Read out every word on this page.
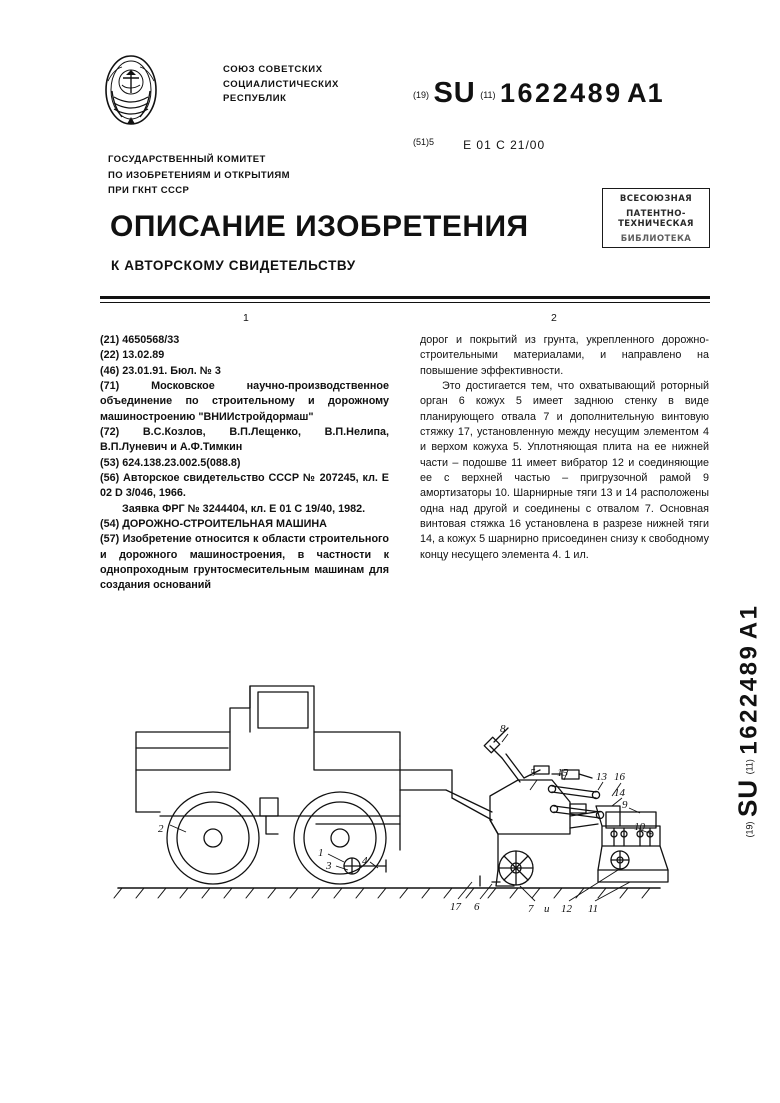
СОЮЗ СОВЕТСКИХ
СОЦИАЛИСТИЧЕСКИХ
РЕСПУБЛИК	$^{(19)}$ SU $^{(11)}$ 1622489 A1
$^{(51)5}$ E 01 C 21/00
ГОСУДАРСТВЕННЫЙ КОМИТЕТ
ПО ИЗОБРЕТЕНИЯМ И ОТКРЫТИЯМ
ПРИ ГКНТ СССР
ОПИСАНИЕ ИЗОБРЕТЕНИЯ
К АВТОРСКОМУ СВИДЕТЕЛЬСТВУ
ВСЕСОЮЗНАЯ
ПАТЕНТНО-ТЕХНИЧЕСКАЯ
БИБЛИОТЕКА
1	2

(21) 4650568/33

(22) 13.02.89

(46) 23.01.91. Бюл. № 3

(71) Московское научно-производственное объединение по строительному и дорожному машиностроению "ВНИИстройдормаш"

(72) В.С.Козлов, В.П.Лещенко, В.П.Нелипа, В.П.Луневич и А.Ф.Тимкин

(53) 624.138.23.002.5(088.8)

(56) Авторское свидетельство СССР № 207245, кл. Е 02 D 3/046, 1966.

Заявка ФРГ № 3244404, кл. Е 01 С 19/40, 1982.

(54) ДОРОЖНО-СТРОИТЕЛЬНАЯ МАШИНА

(57) Изобретение относится к области строительного и дорожного машиностроения, в частности к однопроходным грунтосмесительным машинам для создания оснований

дорог и покрытий из грунта, укрепленного дорожно-строительными материалами, и направлено на повышение эффективности.

Это достигается тем, что охватывающий роторный орган 6 кожух 5 имеет заднюю стенку в виде планирующего отвала 7 и дополнительную винтовую стяжку 17, установленную между несущим элементом 4 и верхом кожуха 5. Уплотняющая плита на ее нижней части – подошве 11 имеет вибратор 12 и соединяющие ее с верхней частью – пригрузочной рамой 9 амортизаторы 10. Шарнирные тяги 13 и 14 расположены одна над другой и соединены с отвалом 7. Основная винтовая стяжка 16 установлена в разрезе нижней тяги 14, а кожух 5 шарнирно присоединен снизу к свободному концу несущего элемента 4. 1 ил.

$^{(19)}$ SU $^{(11)}$ 1622489 A1
2
1
3	4
8
5 15	13 16
14
9
10
17 6	7 и 12 11
